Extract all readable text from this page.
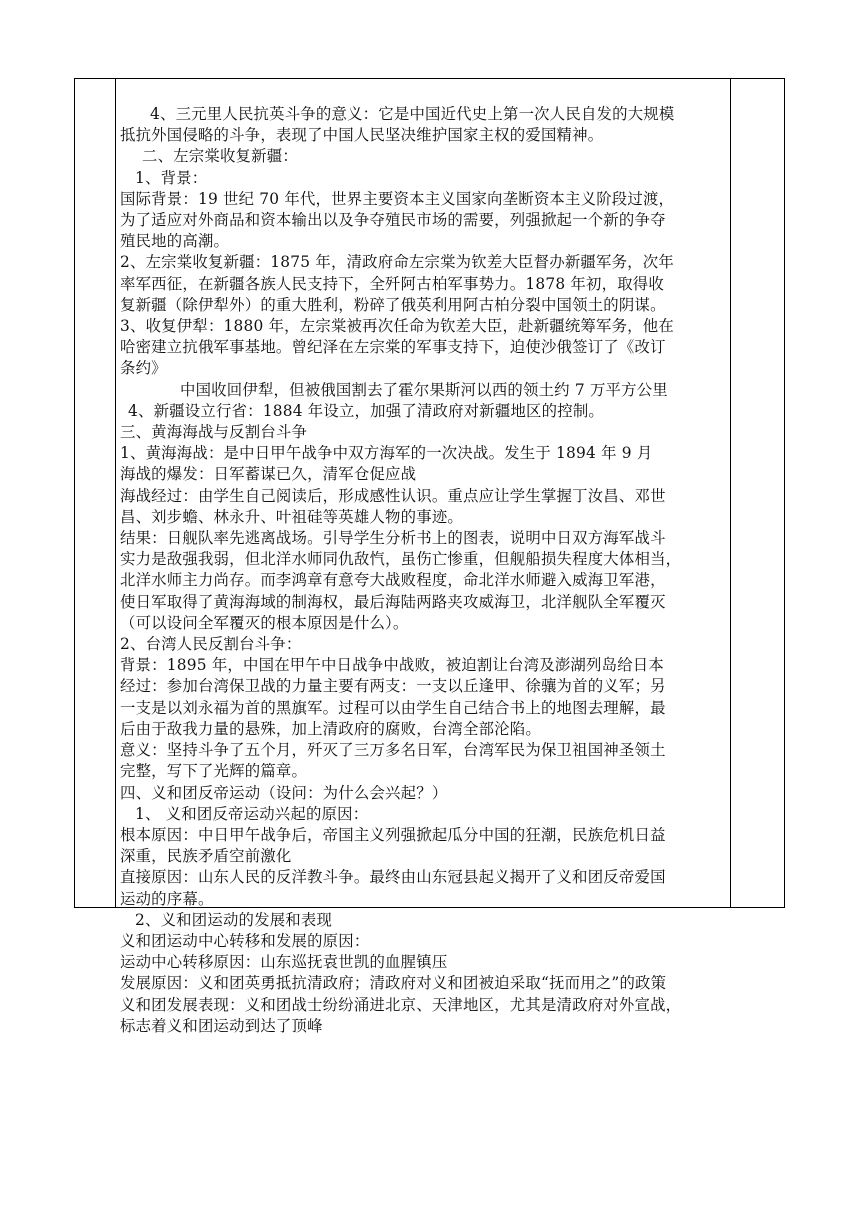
4、三元里人民抗英斗争的意义：它是中国近代史上第一次人民自发的大规模
抵抗外国侵略的斗争，表现了中国人民坚决维护国家主权的爱国精神。
二、左宗棠收复新疆：
1、背景：
国际背景：19 世纪 70 年代，世界主要资本主义国家向垄断资本主义阶段过渡，
为了适应对外商品和资本输出以及争夺殖民市场的需要，列强掀起一个新的争夺
殖民地的高潮。
2、左宗棠收复新疆：1875 年，清政府命左宗棠为钦差大臣督办新疆军务，次年
率军西征，在新疆各族人民支持下，全歼阿古柏军事势力。1878 年初，取得收
复新疆（除伊犁外）的重大胜利，粉碎了俄英利用阿古柏分裂中国领土的阴谋。
3、收复伊犁：1880 年，左宗棠被再次任命为钦差大臣，赴新疆统筹军务，他在
哈密建立抗俄军事基地。曾纪泽在左宗棠的军事支持下，迫使沙俄签订了《改订
条约》
中国收回伊犁，但被俄国割去了霍尔果斯河以西的领土约 7 万平方公里
4、新疆设立行省：1884 年设立，加强了清政府对新疆地区的控制。
三、黄海海战与反割台斗争
1、黄海海战：是中日甲午战争中双方海军的一次决战。发生于 1894 年 9 月
海战的爆发：日军蓄谋已久，清军仓促应战
海战经过：由学生自己阅读后，形成感性认识。重点应让学生掌握丁汝昌、邓世
昌、刘步蟾、林永升、叶祖硅等英雄人物的事迹。
结果：日舰队率先逃离战场。引导学生分析书上的图表，说明中日双方海军战斗
实力是敌强我弱，但北洋水师同仇敌忾，虽伤亡惨重，但舰船损失程度大体相当，
北洋水师主力尚存。而李鸿章有意夸大战败程度，命北洋水师避入威海卫军港，
使日军取得了黄海海域的制海权，最后海陆两路夹攻威海卫，北洋舰队全军覆灭
（可以设问全军覆灭的根本原因是什么）。
2、台湾人民反割台斗争：
背景：1895 年，中国在甲午中日战争中战败，被迫割让台湾及澎湖列岛给日本
经过：参加台湾保卫战的力量主要有两支：一支以丘逢甲、徐骧为首的义军；另
一支是以刘永福为首的黑旗军。过程可以由学生自己结合书上的地图去理解，最
后由于敌我力量的悬殊，加上清政府的腐败，台湾全部沦陷。
意义：坚持斗争了五个月，歼灭了三万多名日军，台湾军民为保卫祖国神圣领土
完整，写下了光辉的篇章。
四、义和团反帝运动（设问：为什么会兴起？）
1、 义和团反帝运动兴起的原因：
根本原因：中日甲午战争后，帝国主义列强掀起瓜分中国的狂潮，民族危机日益
深重，民族矛盾空前激化
直接原因：山东人民的反洋教斗争。最终由山东冠县起义揭开了义和团反帝爱国
运动的序幕。
2、义和团运动的发展和表现
义和团运动中心转移和发展的原因：
运动中心转移原因：山东巡抚袁世凯的血腥镇压
发展原因：义和团英勇抵抗清政府；清政府对义和团被迫采取“抚而用之”的政策
义和团发展表现：义和团战士纷纷涌进北京、天津地区，尤其是清政府对外宣战，
标志着义和团运动到达了顶峰
